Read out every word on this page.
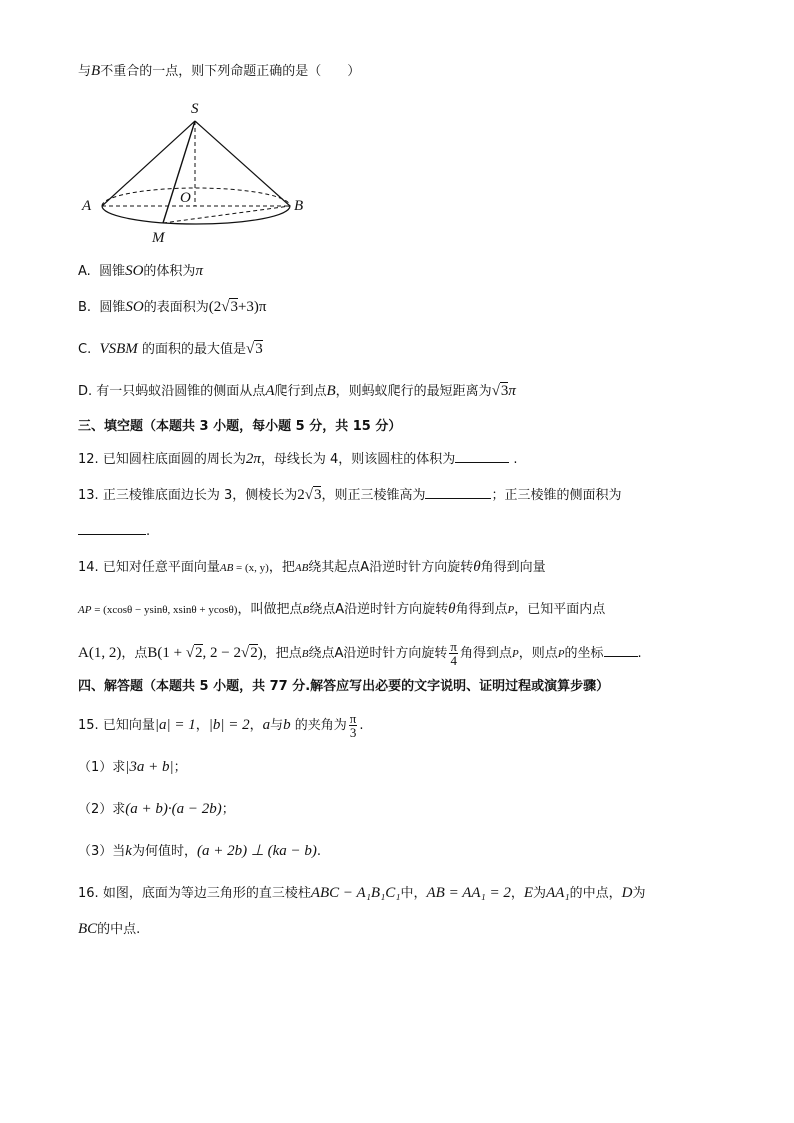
与B不重合的一点，则下列命题正确的是（　　）
S
O
A	B
M
A. 圆锥SO的体积为π
B. 圆锥SO的表面积为(2√3+3)π
C. VSBM 的面积的最大值是√3
D. 有一只蚂蚁沿圆锥的侧面从点A爬行到点B，则蚂蚁爬行的最短距离为√3π
三、填空题（本题共 3 小题，每小题 5 分，共 15 分）
12. 已知圆柱底面圆的周长为2π，母线长为 4，则该圆柱的体积为	.
13. 正三棱锥底面边长为 3，侧棱长为2√3，则正三棱锥高为	；正三棱锥的侧面积为
.
14. 已知对任意平面向量AB = (x, y)，把AB绕其起点A沿逆时针方向旋转θ角得到向量
AP = (xcosθ − ysinθ, xsinθ + ycosθ)，叫做把点B绕点A沿逆时针方向旋转θ角得到点P，已知平面内点
A(1, 2)，点B(1 + √2, 2 − 2√2)，把点B绕点A沿逆时针方向旋转 $\frac{\pi}{4}$ 角得到点P，则点P的坐标	.
四、解答题（本题共 5 小题，共 77 分.解答应写出必要的文字说明、证明过程或演算步骤）
15. 已知向量|a| = 1，|b| = 2，a与b 的夹角为 $\frac{\pi}{3}$ .
（1）求|3a + b|；
（2）求(a + b)·(a − 2b)；
（3）当k为何值时，(a + 2b) ⊥ (ka − b).
16. 如图，底面为等边三角形的直三棱柱ABC − A₁B₁C₁中，AB = AA₁ = 2，E为AA₁的中点，D为
BC的中点.
